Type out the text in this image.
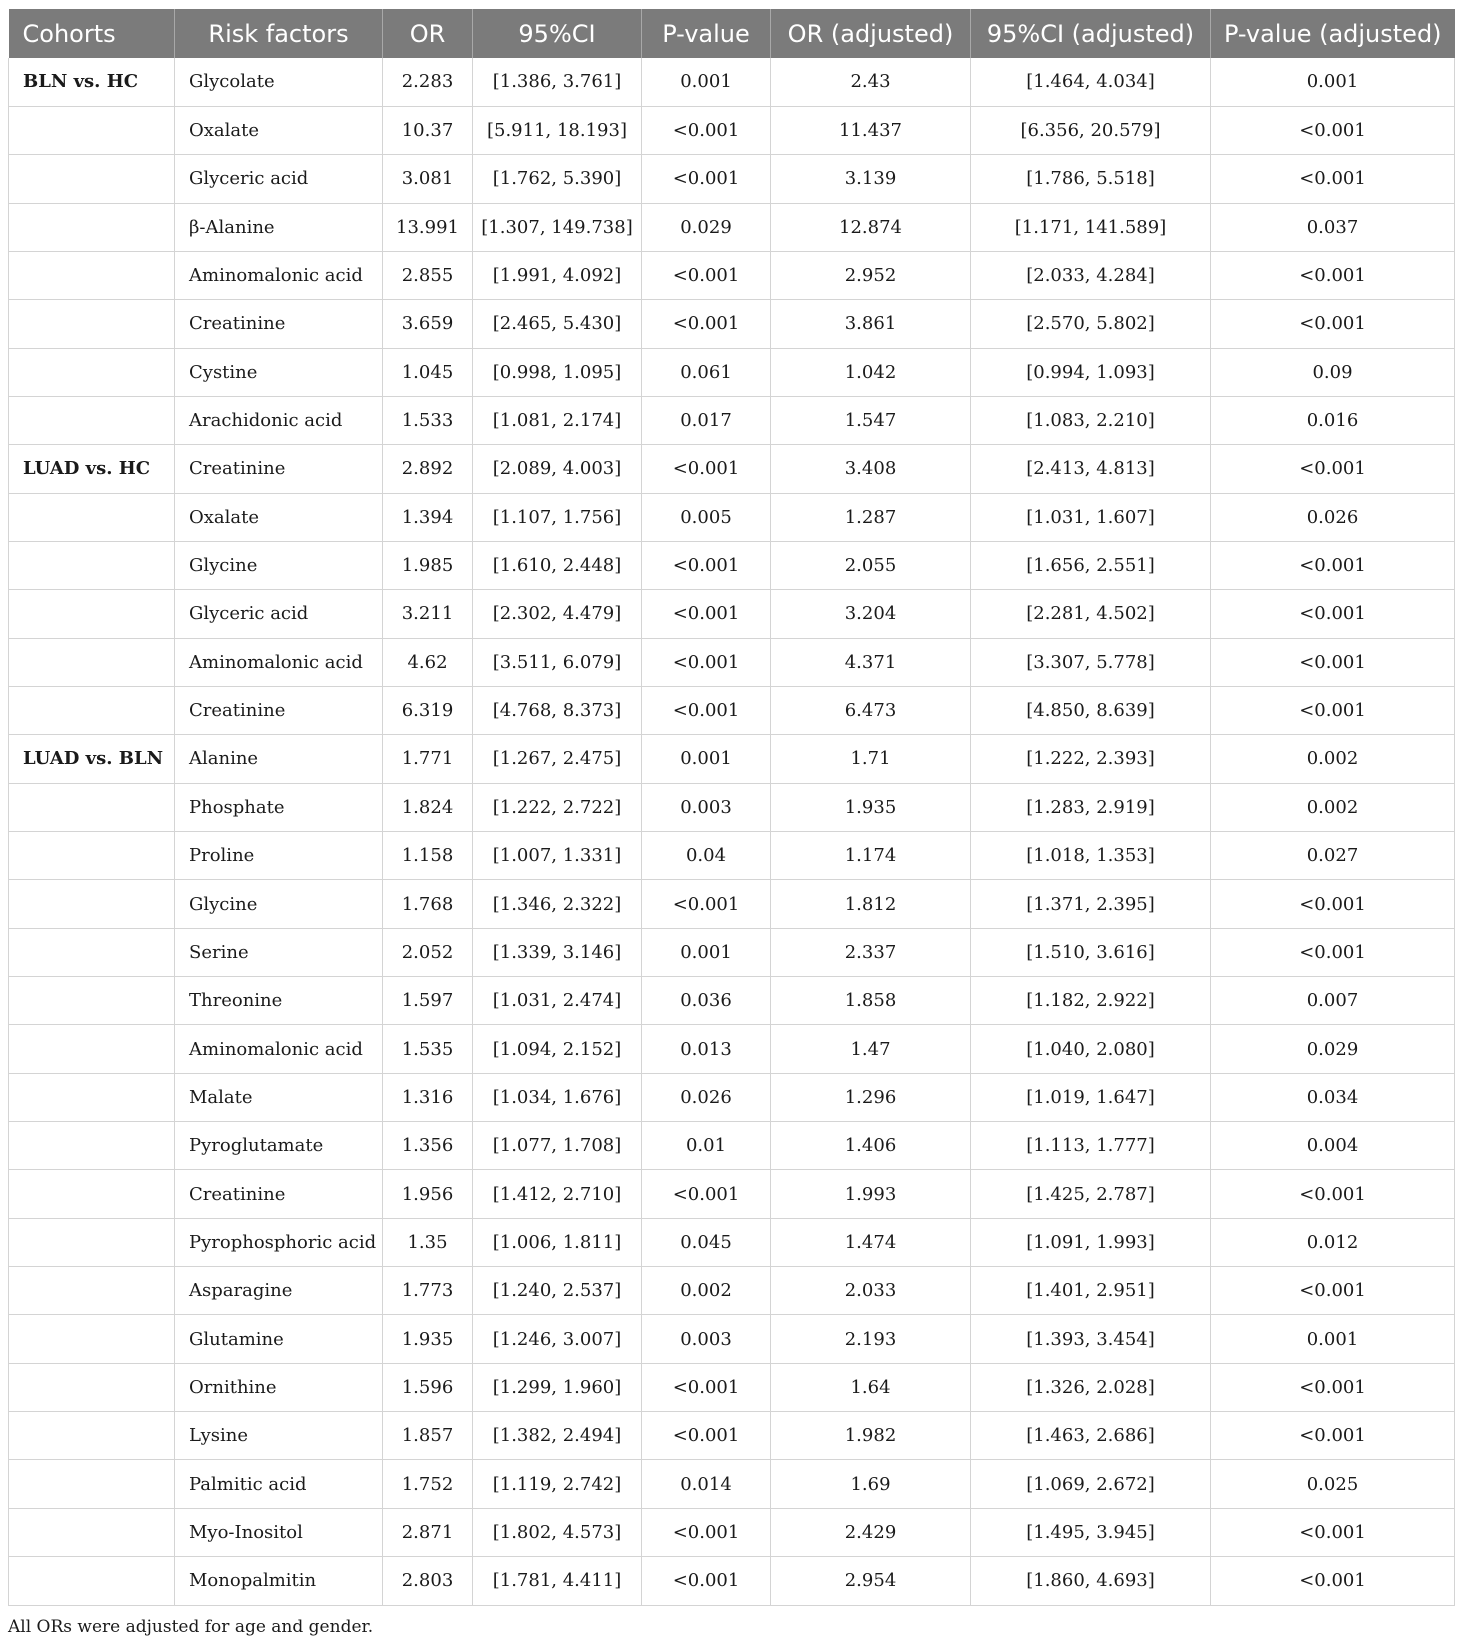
Cohorts	Risk factors	OR	95%CI	P-value	OR (adjusted)	95%CI (adjusted)	P-value (adjusted)
BLN vs. HC	Glycolate	2.283	[1.386, 3.761]	0.001	2.43	[1.464, 4.034]	0.001
	Oxalate	10.37	[5.911, 18.193]	<0.001	11.437	[6.356, 20.579]	<0.001
	Glyceric acid	3.081	[1.762, 5.390]	<0.001	3.139	[1.786, 5.518]	<0.001
	β-Alanine	13.991	[1.307, 149.738]	0.029	12.874	[1.171, 141.589]	0.037
	Aminomalonic acid	2.855	[1.991, 4.092]	<0.001	2.952	[2.033, 4.284]	<0.001
	Creatinine	3.659	[2.465, 5.430]	<0.001	3.861	[2.570, 5.802]	<0.001
	Cystine	1.045	[0.998, 1.095]	0.061	1.042	[0.994, 1.093]	0.09
	Arachidonic acid	1.533	[1.081, 2.174]	0.017	1.547	[1.083, 2.210]	0.016
LUAD vs. HC	Creatinine	2.892	[2.089, 4.003]	<0.001	3.408	[2.413, 4.813]	<0.001
	Oxalate	1.394	[1.107, 1.756]	0.005	1.287	[1.031, 1.607]	0.026
	Glycine	1.985	[1.610, 2.448]	<0.001	2.055	[1.656, 2.551]	<0.001
	Glyceric acid	3.211	[2.302, 4.479]	<0.001	3.204	[2.281, 4.502]	<0.001
	Aminomalonic acid	4.62	[3.511, 6.079]	<0.001	4.371	[3.307, 5.778]	<0.001
	Creatinine	6.319	[4.768, 8.373]	<0.001	6.473	[4.850, 8.639]	<0.001
LUAD vs. BLN	Alanine	1.771	[1.267, 2.475]	0.001	1.71	[1.222, 2.393]	0.002
	Phosphate	1.824	[1.222, 2.722]	0.003	1.935	[1.283, 2.919]	0.002
	Proline	1.158	[1.007, 1.331]	0.04	1.174	[1.018, 1.353]	0.027
	Glycine	1.768	[1.346, 2.322]	<0.001	1.812	[1.371, 2.395]	<0.001
	Serine	2.052	[1.339, 3.146]	0.001	2.337	[1.510, 3.616]	<0.001
	Threonine	1.597	[1.031, 2.474]	0.036	1.858	[1.182, 2.922]	0.007
	Aminomalonic acid	1.535	[1.094, 2.152]	0.013	1.47	[1.040, 2.080]	0.029
	Malate	1.316	[1.034, 1.676]	0.026	1.296	[1.019, 1.647]	0.034
	Pyroglutamate	1.356	[1.077, 1.708]	0.01	1.406	[1.113, 1.777]	0.004
	Creatinine	1.956	[1.412, 2.710]	<0.001	1.993	[1.425, 2.787]	<0.001
	Pyrophosphoric acid	1.35	[1.006, 1.811]	0.045	1.474	[1.091, 1.993]	0.012
	Asparagine	1.773	[1.240, 2.537]	0.002	2.033	[1.401, 2.951]	<0.001
	Glutamine	1.935	[1.246, 3.007]	0.003	2.193	[1.393, 3.454]	0.001
	Ornithine	1.596	[1.299, 1.960]	<0.001	1.64	[1.326, 2.028]	<0.001
	Lysine	1.857	[1.382, 2.494]	<0.001	1.982	[1.463, 2.686]	<0.001
	Palmitic acid	1.752	[1.119, 2.742]	0.014	1.69	[1.069, 2.672]	0.025
	Myo-Inositol	2.871	[1.802, 4.573]	<0.001	2.429	[1.495, 3.945]	<0.001
	Monopalmitin	2.803	[1.781, 4.411]	<0.001	2.954	[1.860, 4.693]	<0.001
All ORs were adjusted for age and gender.
